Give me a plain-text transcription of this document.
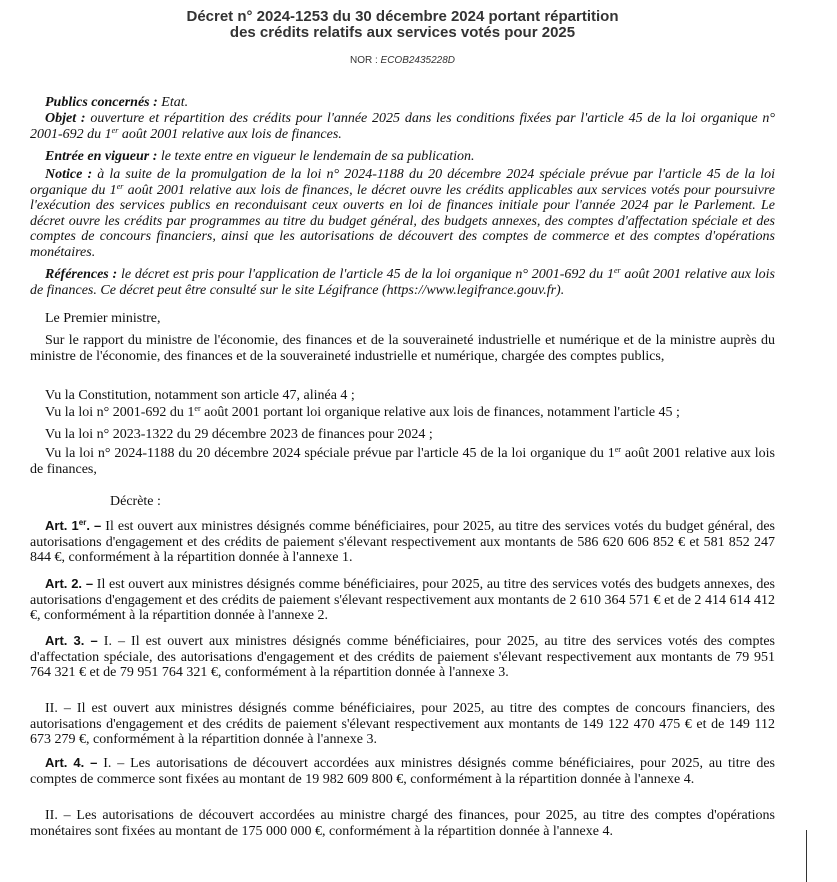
Décret n° 2024-1253 du 30 décembre 2024 portant répartition
des crédits relatifs aux services votés pour 2025
NOR : ECOB2435228D
Publics concernés : Etat.
Objet : ouverture et répartition des crédits pour l'année 2025 dans les conditions fixées par l'article 45 de la loi organique n° 2001-692 du 1er août 2001 relative aux lois de finances.
Entrée en vigueur : le texte entre en vigueur le lendemain de sa publication.
Notice : à la suite de la promulgation de la loi n° 2024-1188 du 20 décembre 2024 spéciale prévue par l'article 45 de la loi organique du 1er août 2001 relative aux lois de finances, le décret ouvre les crédits applicables aux services votés pour poursuivre l'exécution des services publics en reconduisant ceux ouverts en loi de finances initiale pour l'année 2024 par le Parlement. Le décret ouvre les crédits par programmes au titre du budget général, des budgets annexes, des comptes d'affectation spéciale et des comptes de concours financiers, ainsi que les autorisations de découvert des comptes de commerce et des comptes d'opérations monétaires.
Références : le décret est pris pour l'application de l'article 45 de la loi organique n° 2001-692 du 1er août 2001 relative aux lois de finances. Ce décret peut être consulté sur le site Légifrance (https://www.legifrance.gouv.fr).
Le Premier ministre,
Sur le rapport du ministre de l'économie, des finances et de la souveraineté industrielle et numérique et de la ministre auprès du ministre de l'économie, des finances et de la souveraineté industrielle et numérique, chargée des comptes publics,
Vu la Constitution, notamment son article 47, alinéa 4 ;
Vu la loi n° 2001-692 du 1er août 2001 portant loi organique relative aux lois de finances, notamment l'article 45 ;
Vu la loi n° 2023-1322 du 29 décembre 2023 de finances pour 2024 ;
Vu la loi n° 2024-1188 du 20 décembre 2024 spéciale prévue par l'article 45 de la loi organique du 1er août 2001 relative aux lois de finances,
Décrète :
Art. 1er. – Il est ouvert aux ministres désignés comme bénéficiaires, pour 2025, au titre des services votés du budget général, des autorisations d'engagement et des crédits de paiement s'élevant respectivement aux montants de 586 620 606 852 € et 581 852 247 844 €, conformément à la répartition donnée à l'annexe 1.
Art. 2. – Il est ouvert aux ministres désignés comme bénéficiaires, pour 2025, au titre des services votés des budgets annexes, des autorisations d'engagement et des crédits de paiement s'élevant respectivement aux montants de 2 610 364 571 € et de 2 414 614 412 €, conformément à la répartition donnée à l'annexe 2.
Art. 3. – I. – Il est ouvert aux ministres désignés comme bénéficiaires, pour 2025, au titre des services votés des comptes d'affectation spéciale, des autorisations d'engagement et des crédits de paiement s'élevant respectivement aux montants de 79 951 764 321 € et de 79 951 764 321 €, conformément à la répartition donnée à l'annexe 3.
II. – Il est ouvert aux ministres désignés comme bénéficiaires, pour 2025, au titre des comptes de concours financiers, des autorisations d'engagement et des crédits de paiement s'élevant respectivement aux montants de 149 122 470 475 € et de 149 112 673 279 €, conformément à la répartition donnée à l'annexe 3.
Art. 4. – I. – Les autorisations de découvert accordées aux ministres désignés comme bénéficiaires, pour 2025, au titre des comptes de commerce sont fixées au montant de 19 982 609 800 €, conformément à la répartition donnée à l'annexe 4.
II. – Les autorisations de découvert accordées au ministre chargé des finances, pour 2025, au titre des comptes d'opérations monétaires sont fixées au montant de 175 000 000 €, conformément à la répartition donnée à l'annexe 4.
